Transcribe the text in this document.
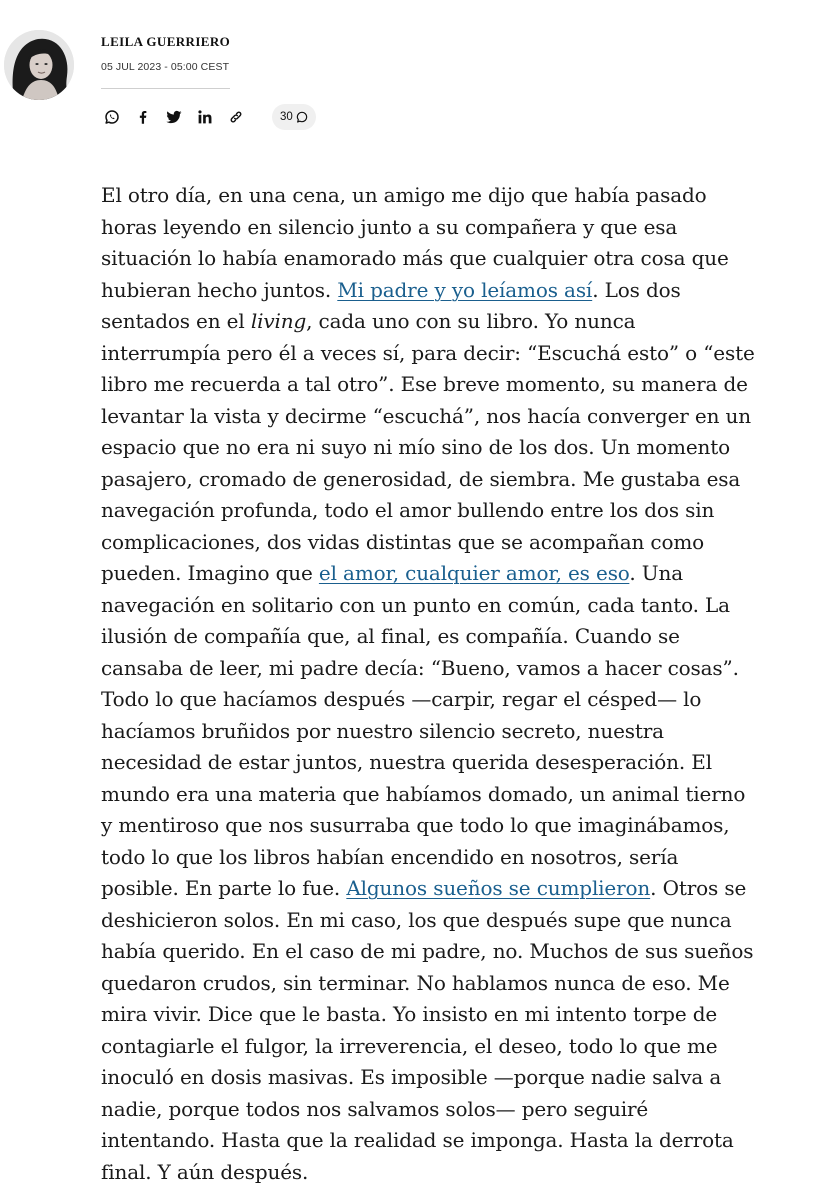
LEILA GUERRIERO
05 JUL 2023 - 05:00 CEST
30

El otro día, en una cena, un amigo me dijo que había pasado horas leyendo en silencio junto a su compañera y que esa situación lo había enamorado más que cualquier otra cosa que hubieran hecho juntos. Mi padre y yo leíamos así. Los dos sentados en el living, cada uno con su libro. Yo nunca interrumpía pero él a veces sí, para decir: “Escuchá esto” o “este libro me recuerda a tal otro”. Ese breve momento, su manera de levantar la vista y decirme “escuchá”, nos hacía converger en un espacio que no era ni suyo ni mío sino de los dos. Un momento pasajero, cromado de generosidad, de siembra. Me gustaba esa navegación profunda, todo el amor bullendo entre los dos sin complicaciones, dos vidas distintas que se acompañan como pueden. Imagino que el amor, cualquier amor, es eso. Una navegación en solitario con un punto en común, cada tanto. La ilusión de compañía que, al final, es compañía. Cuando se cansaba de leer, mi padre decía: “Bueno, vamos a hacer cosas”. Todo lo que hacíamos después —carpir, regar el césped— lo hacíamos bruñidos por nuestro silencio secreto, nuestra necesidad de estar juntos, nuestra querida desesperación. El mundo era una materia que habíamos domado, un animal tierno y mentiroso que nos susurraba que todo lo que imaginábamos, todo lo que los libros habían encendido en nosotros, sería posible. En parte lo fue. Algunos sueños se cumplieron. Otros se deshicieron solos. En mi caso, los que después supe que nunca había querido. En el caso de mi padre, no. Muchos de sus sueños quedaron crudos, sin terminar. No hablamos nunca de eso. Me mira vivir. Dice que le basta. Yo insisto en mi intento torpe de contagiarle el fulgor, la irreverencia, el deseo, todo lo que me inoculó en dosis masivas. Es imposible —porque nadie salva a nadie, porque todos nos salvamos solos— pero seguiré intentando. Hasta que la realidad se imponga. Hasta la derrota final. Y aún después.
